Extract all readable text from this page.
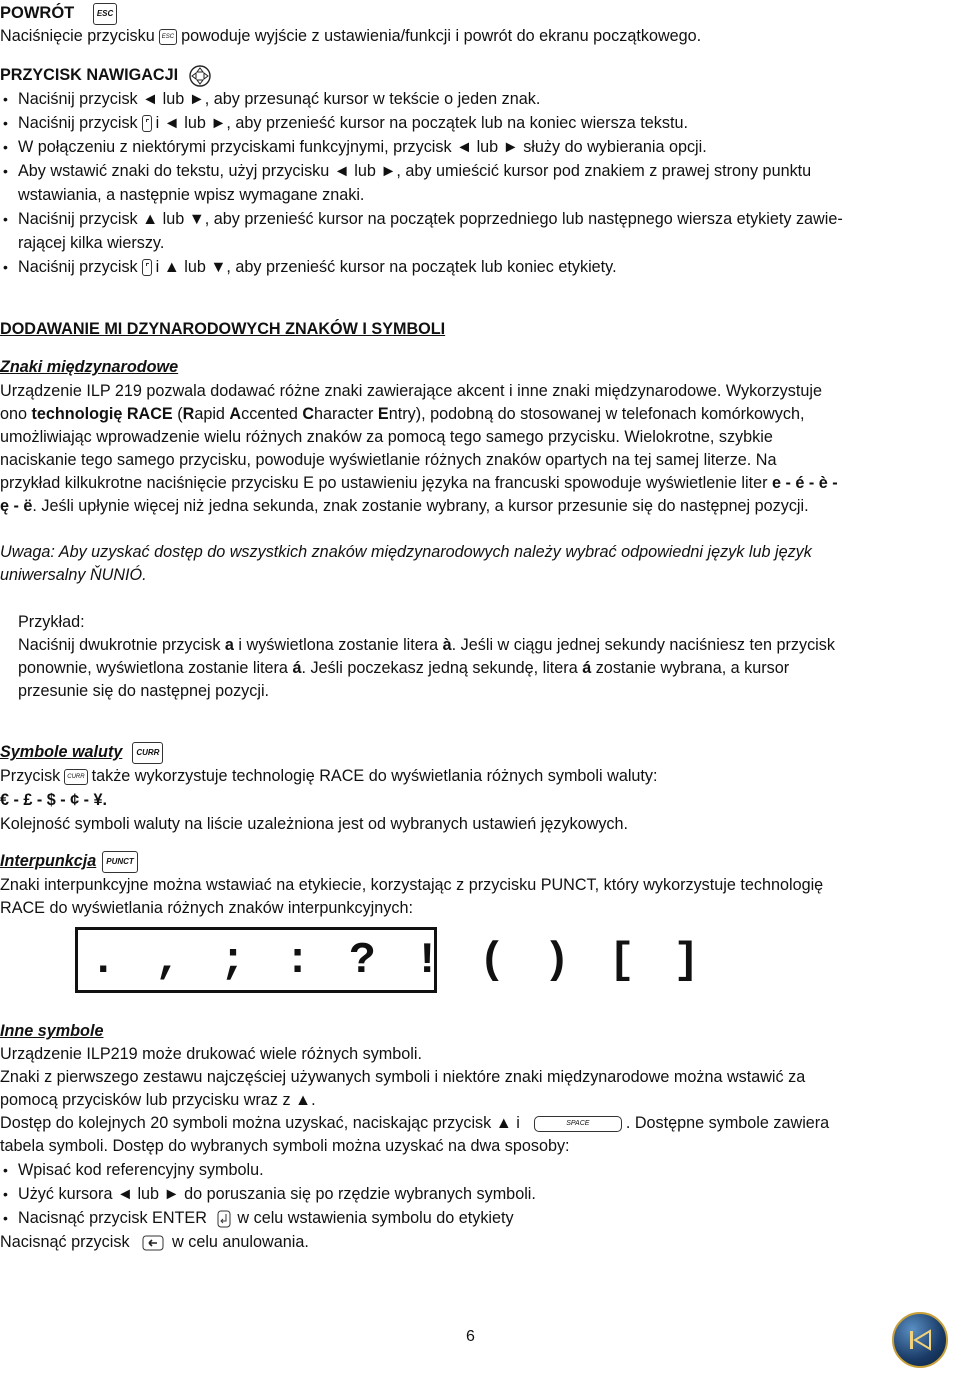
POWRÓT	ESC
Naciśnięcie przycisku ESC powoduje wyjście z ustawienia/funkcji i powrót do ekranu początkowego.
PRZYCISK NAWIGACJI
• Naciśnij przycisk ◄ lub ►, aby przesunąć kursor w tekście o jeden znak.
• Naciśnij przycisk i ◄ lub ►, aby przenieść kursor na początek lub na koniec wiersza tekstu.
• W połączeniu z niektórymi przyciskami funkcyjnymi, przycisk ◄ lub ► służy do wybierania opcji.
• Aby wstawić znaki do tekstu, użyj przycisku ◄ lub ►, aby umieścić kursor pod znakiem z prawej strony punktu
wstawiania, a następnie wpisz wymagane znaki.
• Naciśnij przycisk ▲ lub ▼, aby przenieść kursor na początek poprzedniego lub następnego wiersza etykiety zawie-
rającej kilka wierszy.
• Naciśnij przycisk i ▲ lub ▼, aby przenieść kursor na początek lub koniec etykiety.
DODAWANIE MI DZYNARODOWYCH ZNAKÓW I SYMBOLI
Znaki międzynarodowe
Urządzenie ILP 219 pozwala dodawać różne znaki zawierające akcent i inne znaki międzynarodowe. Wykorzystuje
ono technologię RACE (Rapid Accented Character Entry), podobną do stosowanej w telefonach komórkowych,
umożliwiając wprowadzenie wielu różnych znaków za pomocą tego samego przycisku. Wielokrotne, szybkie
naciskanie tego samego przycisku, powoduje wyświetlanie różnych znaków opartych na tej samej literze. Na
przykład kilkukrotne naciśnięcie przycisku E po ustawieniu języka na francuski spowoduje wyświetlenie liter e - é - è -
ę - ë. Jeśli upłynie więcej niż jedna sekunda, znak zostanie wybrany, a kursor przesunie się do następnej pozycji.
Uwaga: Aby uzyskać dostęp do wszystkich znaków międzynarodowych należy wybrać odpowiedni język lub język
uniwersalny ŇUNIÓ.
Przykład:
Naciśnij dwukrotnie przycisk a i wyświetlona zostanie litera à. Jeśli w ciągu jednej sekundy naciśniesz ten przycisk
ponownie, wyświetlona zostanie litera á. Jeśli poczekasz jedną sekundę, litera á zostanie wybrana, a kursor
przesunie się do następnej pozycji.
Symbole waluty CURR
Przycisk CURR także wykorzystuje technologię RACE do wyświetlania różnych symboli waluty:
€ - £ - $ - ¢ - ¥.
Kolejność symboli waluty na liście uzależniona jest od wybranych ustawień językowych.
Interpunkcja PUNCT
Znaki interpunkcyjne można wstawiać na etykiecie, korzystając z przycisku PUNCT, który wykorzystuje technologię
RACE do wyświetlania różnych znaków interpunkcyjnych:
. , ; : ? ! ( ) [ ]
Inne symbole
Urządzenie ILP219 może drukować wiele różnych symboli.
Znaki z pierwszego zestawu najczęściej używanych symboli i niektóre znaki międzynarodowe można wstawić za
pomocą przycisków lub przycisku wraz z ▲.
Dostęp do kolejnych 20 symboli można uzyskać, naciskając przycisk ▲ i	SPACE . Dostępne symbole zawiera
tabela symboli. Dostęp do wybranych symboli można uzyskać na dwa sposoby:
• Wpisać kod referencyjny symbolu.
• Użyć kursora ◄ lub ► do poruszania się po rzędzie wybranych symboli.
• Nacisnąć przycisk ENTER w celu wstawienia symbolu do etykiety
Nacisnąć przycisk	w celu anulowania.
6
